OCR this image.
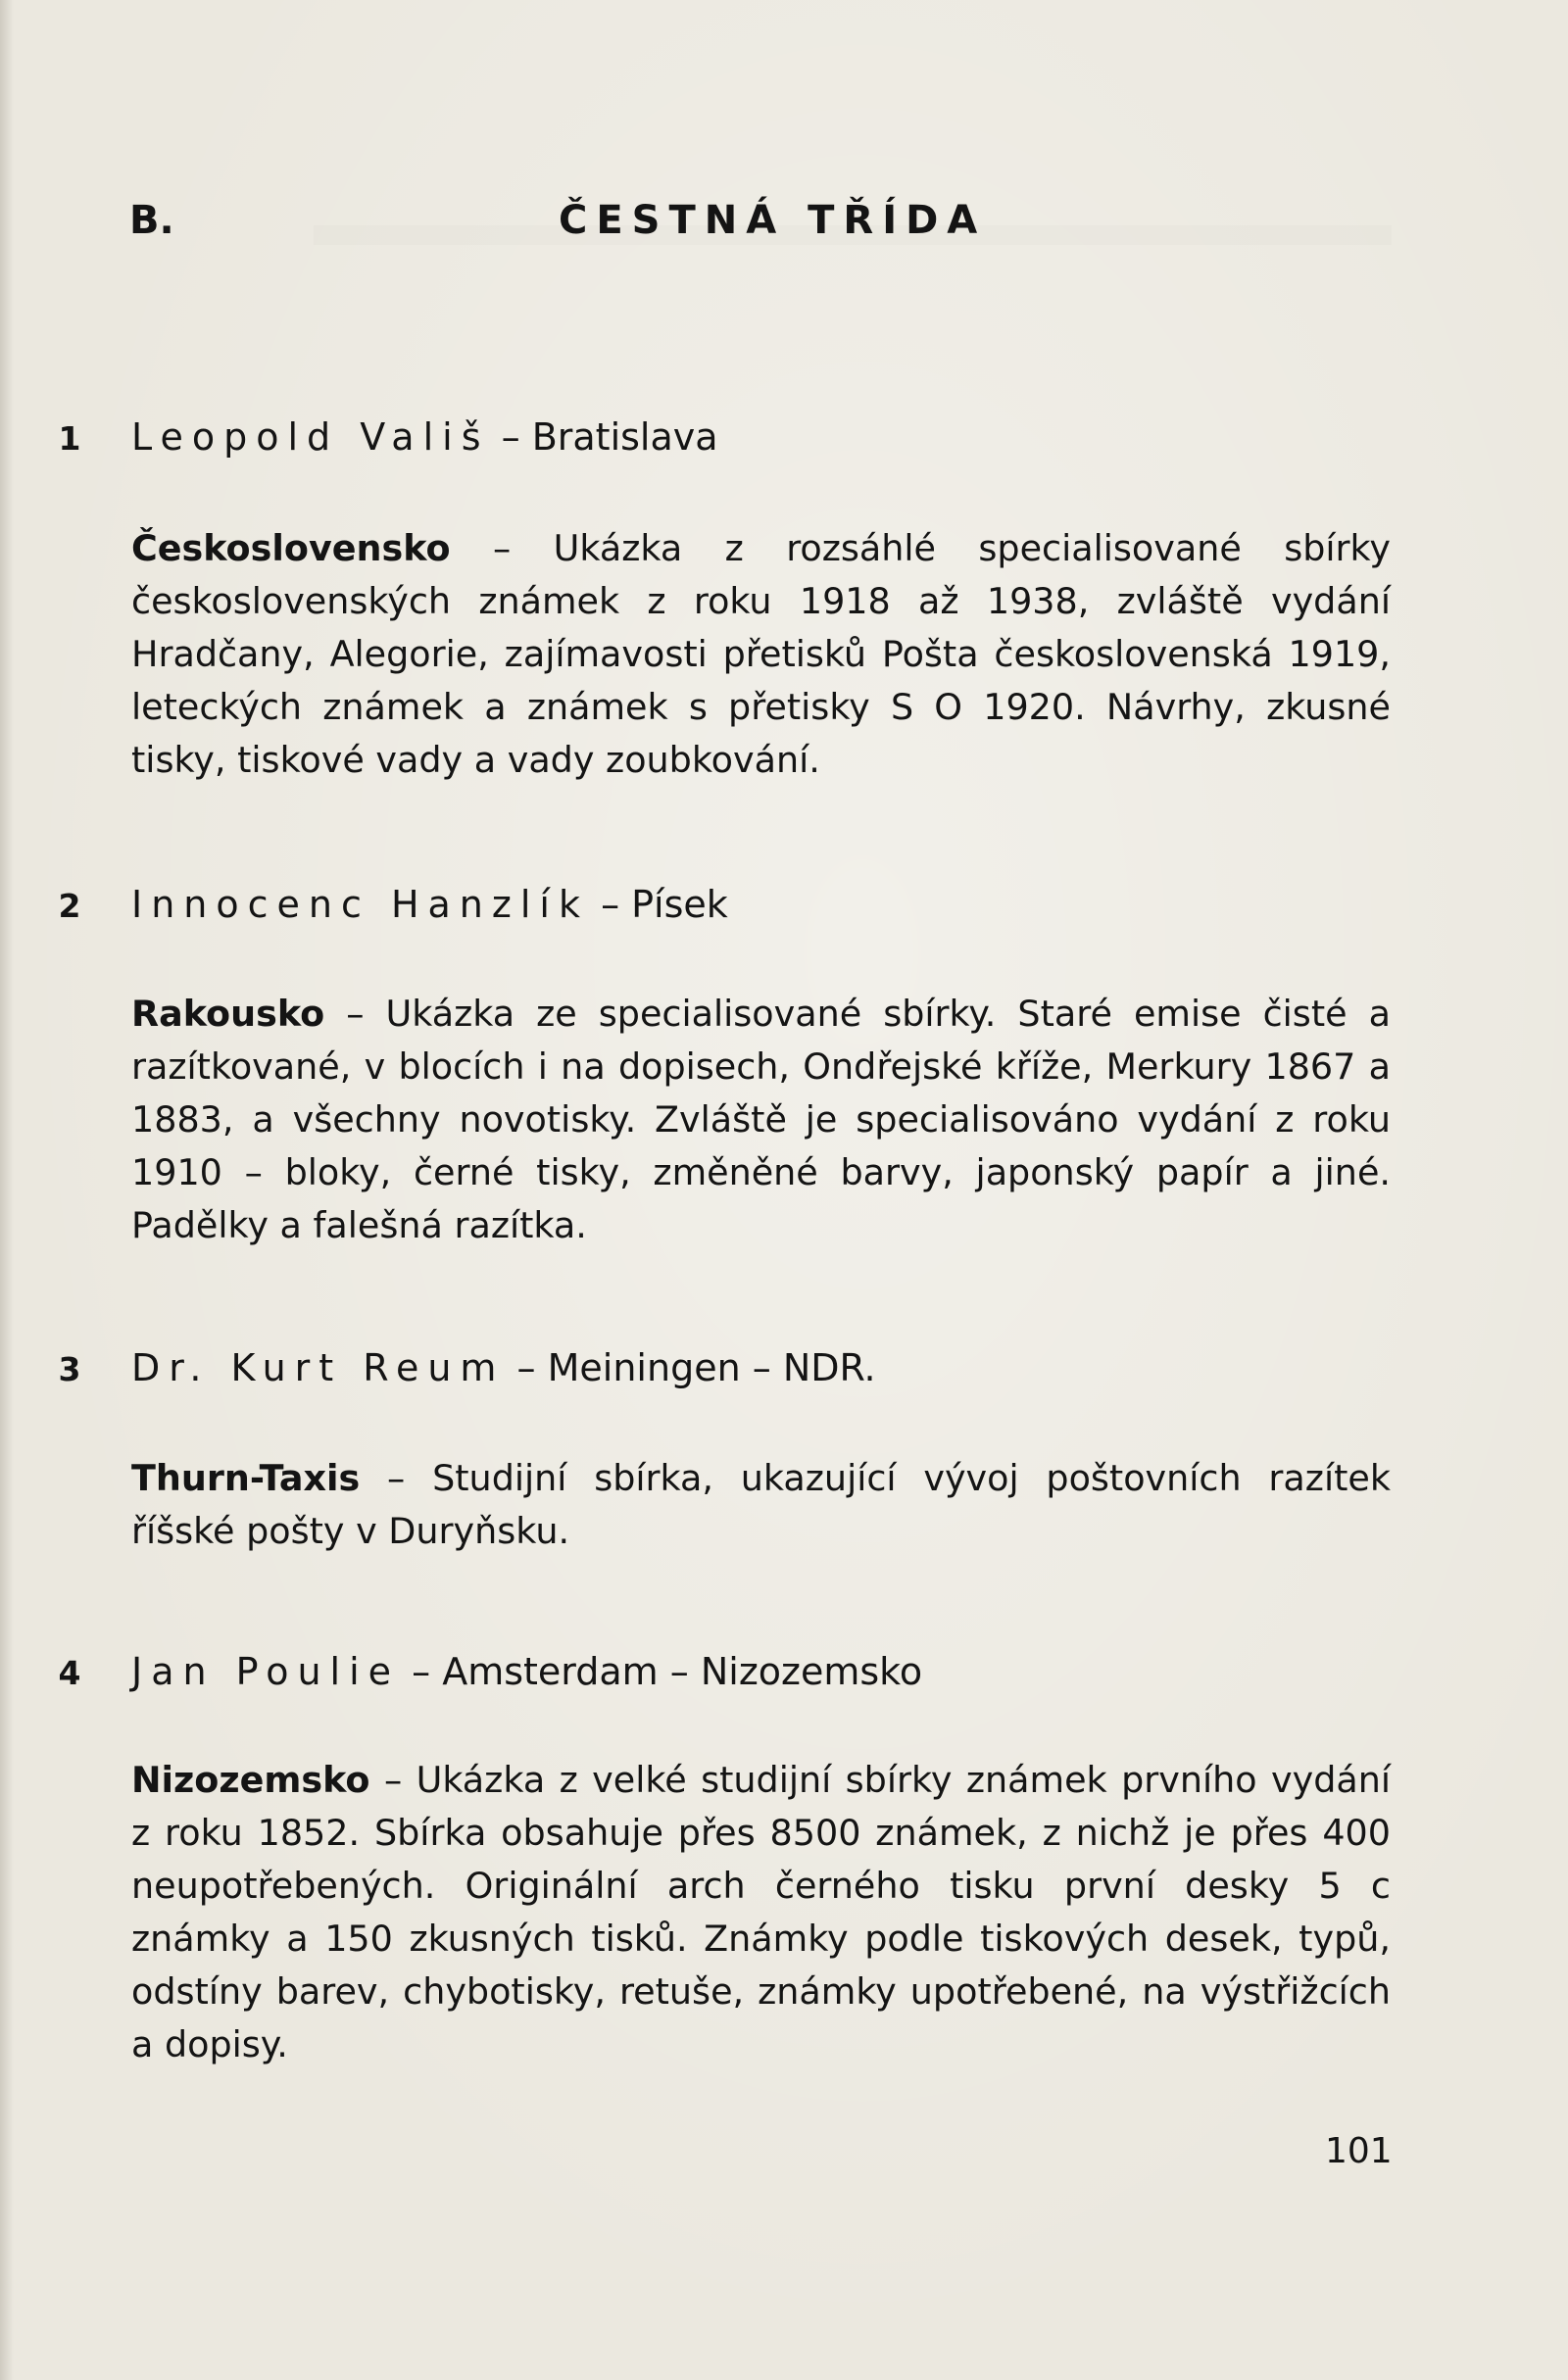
B.	ČESTNÁ TŘÍDA
1 Leopold Vališ – Bratislava
Československo – Ukázka z rozsáhlé specialisované sbírky československých známek z roku 1918 až 1938, zvláště vydání Hradčany, Alegorie, zajímavosti přetisků Pošta československá 1919, leteckých známek a známek s přetisky S O 1920. Návrhy, zkusné tisky, tiskové vady a vady zoubkování.
2 Innocenc Hanzlík – Písek
Rakousko – Ukázka ze specialisované sbírky. Staré emise čisté a razítkované, v blocích i na dopisech, Ondřejské kříže, Merkury 1867 a 1883, a všechny novotisky. Zvláště je specialisováno vydání z roku 1910 – bloky, černé tisky, změněné barvy, japonský papír a jiné. Padělky a falešná razítka.
3 Dr. Kurt Reum – Meiningen – NDR.
Thurn-Taxis – Studijní sbírka, ukazující vývoj poštovních razítek říšské pošty v Duryňsku.
4 Jan Poulie – Amsterdam – Nizozemsko
Nizozemsko – Ukázka z velké studijní sbírky známek prvního vydání z roku 1852. Sbírka obsahuje přes 8500 známek, z nichž je přes 400 neupotřebených. Originální arch černého tisku první desky 5 c známky a 150 zkusných tisků. Známky podle tiskových desek, typů, odstíny barev, chybotisky, retuše, známky upotřebené, na výstřižcích a dopisy.
101
